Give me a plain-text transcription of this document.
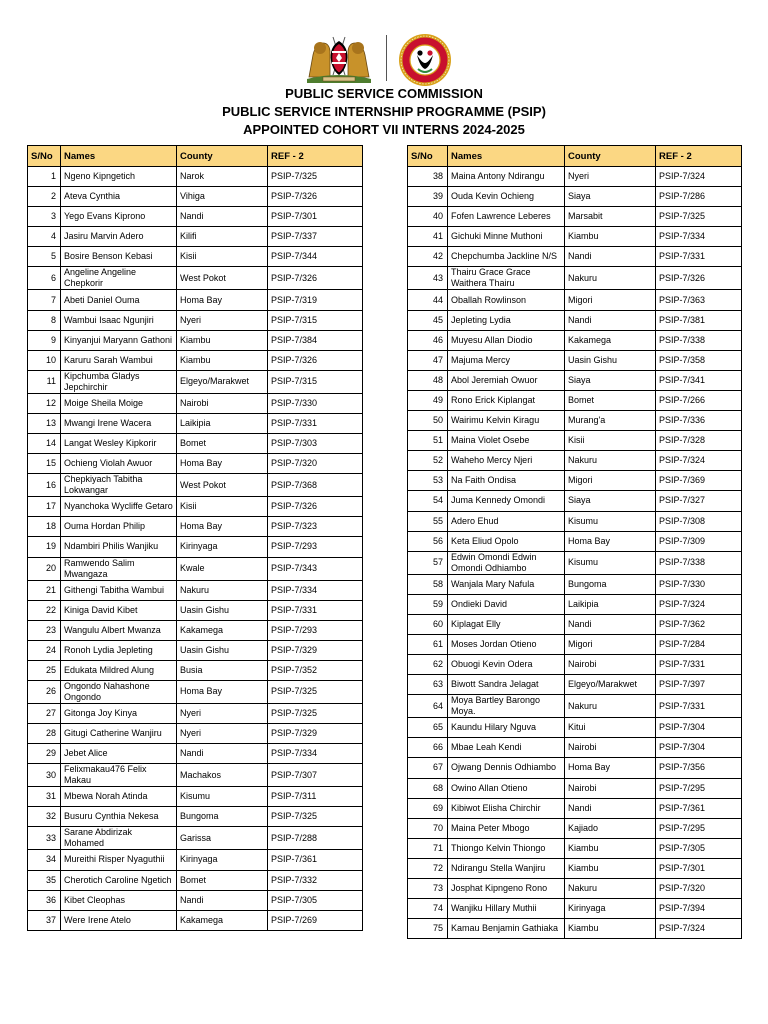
PUBLIC SERVICE COMMISSION
PUBLIC SERVICE INTERNSHIP PROGRAMME (PSIP)
APPOINTED COHORT VII INTERNS 2024-2025
S/No	Names	County	REF - 2
1	Ngeno Kipngetich	Narok	PSIP-7/325
2	Ateva Cynthia	Vihiga	PSIP-7/326
3	Yego Evans Kiprono	Nandi	PSIP-7/301
4	Jasiru Marvin Adero	Kilifi	PSIP-7/337
5	Bosire Benson Kebasi	Kisii	PSIP-7/344
6	Angeline Angeline Chepkorir	West Pokot	PSIP-7/326
7	Abeti Daniel Ouma	Homa Bay	PSIP-7/319
8	Wambui Isaac Ngunjiri	Nyeri	PSIP-7/315
9	Kinyanjui Maryann Gathoni	Kiambu	PSIP-7/384
10	Karuru Sarah Wambui	Kiambu	PSIP-7/326
11	Kipchumba Gladys Jepchirchir	Elgeyo/Marakwet	PSIP-7/315
12	Moige Sheila Moige	Nairobi	PSIP-7/330
13	Mwangi Irene Wacera	Laikipia	PSIP-7/331
14	Langat Wesley Kipkorir	Bomet	PSIP-7/303
15	Ochieng Violah Awuor	Homa Bay	PSIP-7/320
16	Chepkiyach Tabitha Lokwangar	West Pokot	PSIP-7/368
17	Nyanchoka Wycliffe Getaro	Kisii	PSIP-7/326
18	Ouma Hordan Philip	Homa Bay	PSIP-7/323
19	Ndambiri Philis Wanjiku	Kirinyaga	PSIP-7/293
20	Ramwendo Salim Mwangaza	Kwale	PSIP-7/343
21	Githengi Tabitha Wambui	Nakuru	PSIP-7/334
22	Kiniga David Kibet	Uasin Gishu	PSIP-7/331
23	Wangulu Albert Mwanza	Kakamega	PSIP-7/293
24	Ronoh Lydia Jepleting	Uasin Gishu	PSIP-7/329
25	Edukata Mildred Alung	Busia	PSIP-7/352
26	Ongondo Nahashone Ongondo	Homa Bay	PSIP-7/325
27	Gitonga Joy Kinya	Nyeri	PSIP-7/325
28	Gitugi Catherine Wanjiru	Nyeri	PSIP-7/329
29	Jebet Alice	Nandi	PSIP-7/334
30	Felixmakau476 Felix Makau	Machakos	PSIP-7/307
31	Mbewa Norah Atinda	Kisumu	PSIP-7/311
32	Busuru Cynthia Nekesa	Bungoma	PSIP-7/325
33	Sarane Abdirizak Mohamed	Garissa	PSIP-7/288
34	Mureithi Risper Nyaguthii	Kirinyaga	PSIP-7/361
35	Cherotich Caroline Ngetich	Bomet	PSIP-7/332
36	Kibet Cleophas	Nandi	PSIP-7/305
37	Were Irene Atelo	Kakamega	PSIP-7/269
S/No	Names	County	REF - 2
38	Maina Antony Ndirangu	Nyeri	PSIP-7/324
39	Ouda Kevin Ochieng	Siaya	PSIP-7/286
40	Fofen Lawrence Leberes	Marsabit	PSIP-7/325
41	Gichuki Minne Muthoni	Kiambu	PSIP-7/334
42	Chepchumba Jackline N/S	Nandi	PSIP-7/331
43	Thairu Grace Grace Waithera Thairu	Nakuru	PSIP-7/326
44	Oballah Rowlinson	Migori	PSIP-7/363
45	Jepleting Lydia	Nandi	PSIP-7/381
46	Muyesu Allan Diodio	Kakamega	PSIP-7/338
47	Majuma Mercy	Uasin Gishu	PSIP-7/358
48	Abol Jeremiah Owuor	Siaya	PSIP-7/341
49	Rono Erick Kiplangat	Bomet	PSIP-7/266
50	Wairimu Kelvin Kiragu	Murang'a	PSIP-7/336
51	Maina Violet Osebe	Kisii	PSIP-7/328
52	Waheho Mercy Njeri	Nakuru	PSIP-7/324
53	Na Faith Ondisa	Migori	PSIP-7/369
54	Juma Kennedy Omondi	Siaya	PSIP-7/327
55	Adero Ehud	Kisumu	PSIP-7/308
56	Keta Eliud Opolo	Homa Bay	PSIP-7/309
57	Edwin Omondi Edwin Omondi Odhiambo	Kisumu	PSIP-7/338
58	Wanjala Mary Nafula	Bungoma	PSIP-7/330
59	Ondieki David	Laikipia	PSIP-7/324
60	Kiplagat Elly	Nandi	PSIP-7/362
61	Moses Jordan Otieno	Migori	PSIP-7/284
62	Obuogi Kevin Odera	Nairobi	PSIP-7/331
63	Biwott Sandra Jelagat	Elgeyo/Marakwet	PSIP-7/397
64	Moya Bartley Barongo Moya.	Nakuru	PSIP-7/331
65	Kaundu Hilary Nguva	Kitui	PSIP-7/304
66	Mbae Leah Kendi	Nairobi	PSIP-7/304
67	Ojwang Dennis Odhiambo	Homa Bay	PSIP-7/356
68	Owino Allan Otieno	Nairobi	PSIP-7/295
69	Kibiwot Elisha Chirchir	Nandi	PSIP-7/361
70	Maina Peter Mbogo	Kajiado	PSIP-7/295
71	Thiongo Kelvin Thiongo	Kiambu	PSIP-7/305
72	Ndirangu Stella Wanjiru	Kiambu	PSIP-7/301
73	Josphat Kipngeno Rono	Nakuru	PSIP-7/320
74	Wanjiku Hillary Muthii	Kirinyaga	PSIP-7/394
75	Kamau Benjamin Gathiaka	Kiambu	PSIP-7/324
